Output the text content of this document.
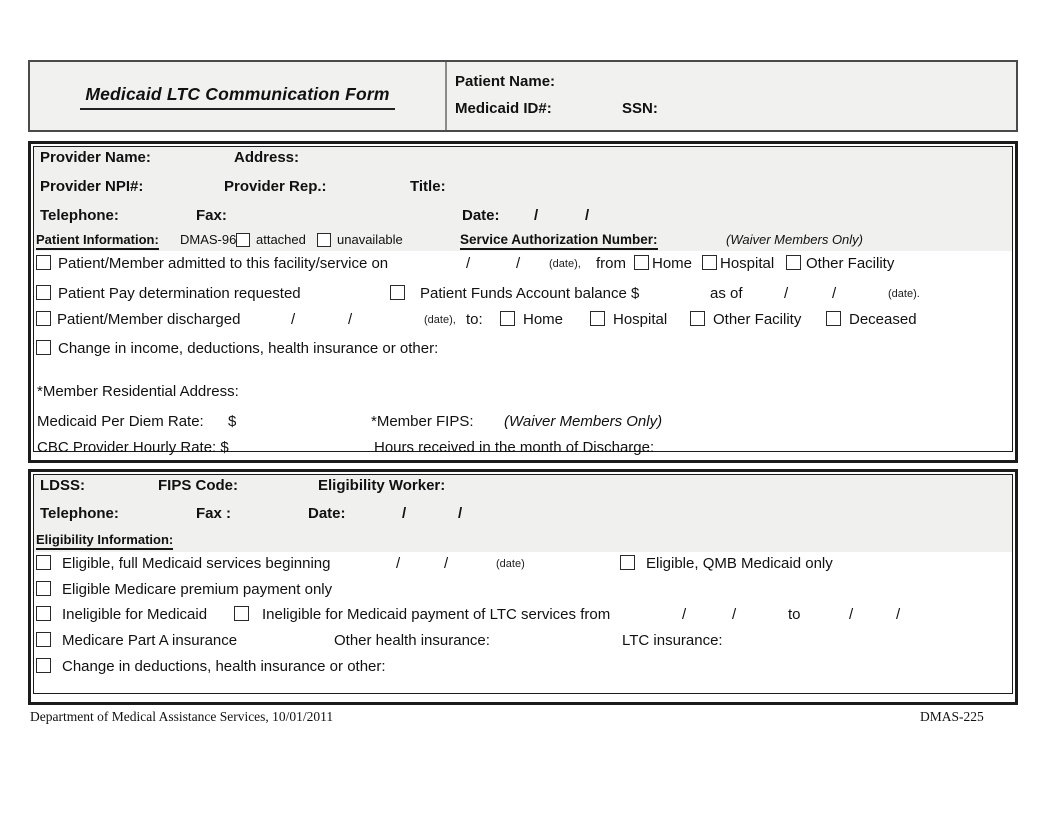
Medicaid LTC Communication Form
Patient Name:
Medicaid ID#:	SSN:
Provider Name:	Address:
Provider NPI#:	Provider Rep.:	Title:
Telephone:	Fax:	Date: /	/
Patient Information: DMAS-96 attached unavailable	Service Authorization Number:	(Waiver Members Only)
Patient/Member admitted to this facility/service on	/	/	(date), from Home Hospital Other Facility
Patient Pay determination requested	Patient Funds Account balance $	as of	/	/	(date).
Patient/Member discharged	/	/	(date), to:	Home	Hospital	Other Facility	Deceased
Change in income, deductions, health insurance or other:
*Member Residential Address:
Medicaid Per Diem Rate: $	*Member FIPS: (Waiver Members Only)
CBC Provider Hourly Rate: $	Hours received in the month of Discharge:
LDSS:	FIPS Code:	Eligibility Worker:
Telephone:	Fax :	Date:	/	/
Eligibility Information:
Eligible, full Medicaid services beginning	/	/	(date)	Eligible, QMB Medicaid only
Eligible Medicare premium payment only
Ineligible for Medicaid	Ineligible for Medicaid payment of LTC services from	/	/	to	/	/
Medicare Part A insurance	Other health insurance:	LTC insurance:
Change in deductions, health insurance or other:
Department of Medical Assistance Services, 10/01/2011	DMAS-225
